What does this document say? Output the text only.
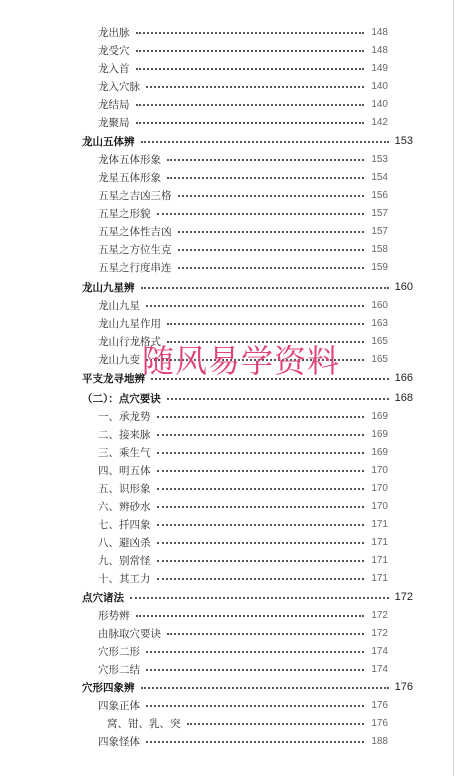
龙出脉	148
龙受穴	148
龙入首	149
龙入穴脉	140
龙结局	140
龙聚局	142
龙山五体辨	153
龙体五体形象	153
龙星五体形象	154
五星之吉凶三格	156
五星之形貌	157
五星之体性吉凶	157
五星之方位生克	158
五星之行度串连	159
龙山九星辨	160
龙山九星	160
龙山九星作用	163
龙山行龙格式	165
龙山九变	165
平支龙寻地辨	166
（二）：点穴要诀	168
一、承龙势	169
二、接来脉	169
三、乘生气	169
四、明五体	170
五、识形象	170
六、辨砂水	170
七、扦四象	171
八、避凶杀	171
九、别常怪	171
十、其工力	171
点穴诸法	172
形势辨	172
由脉取穴要诀	172
穴形二形	174
穴形二结	174
穴形四象辨	176
四象正体	176
窝、钳、乳、突	176
四象怪体	188
随风易学资料
